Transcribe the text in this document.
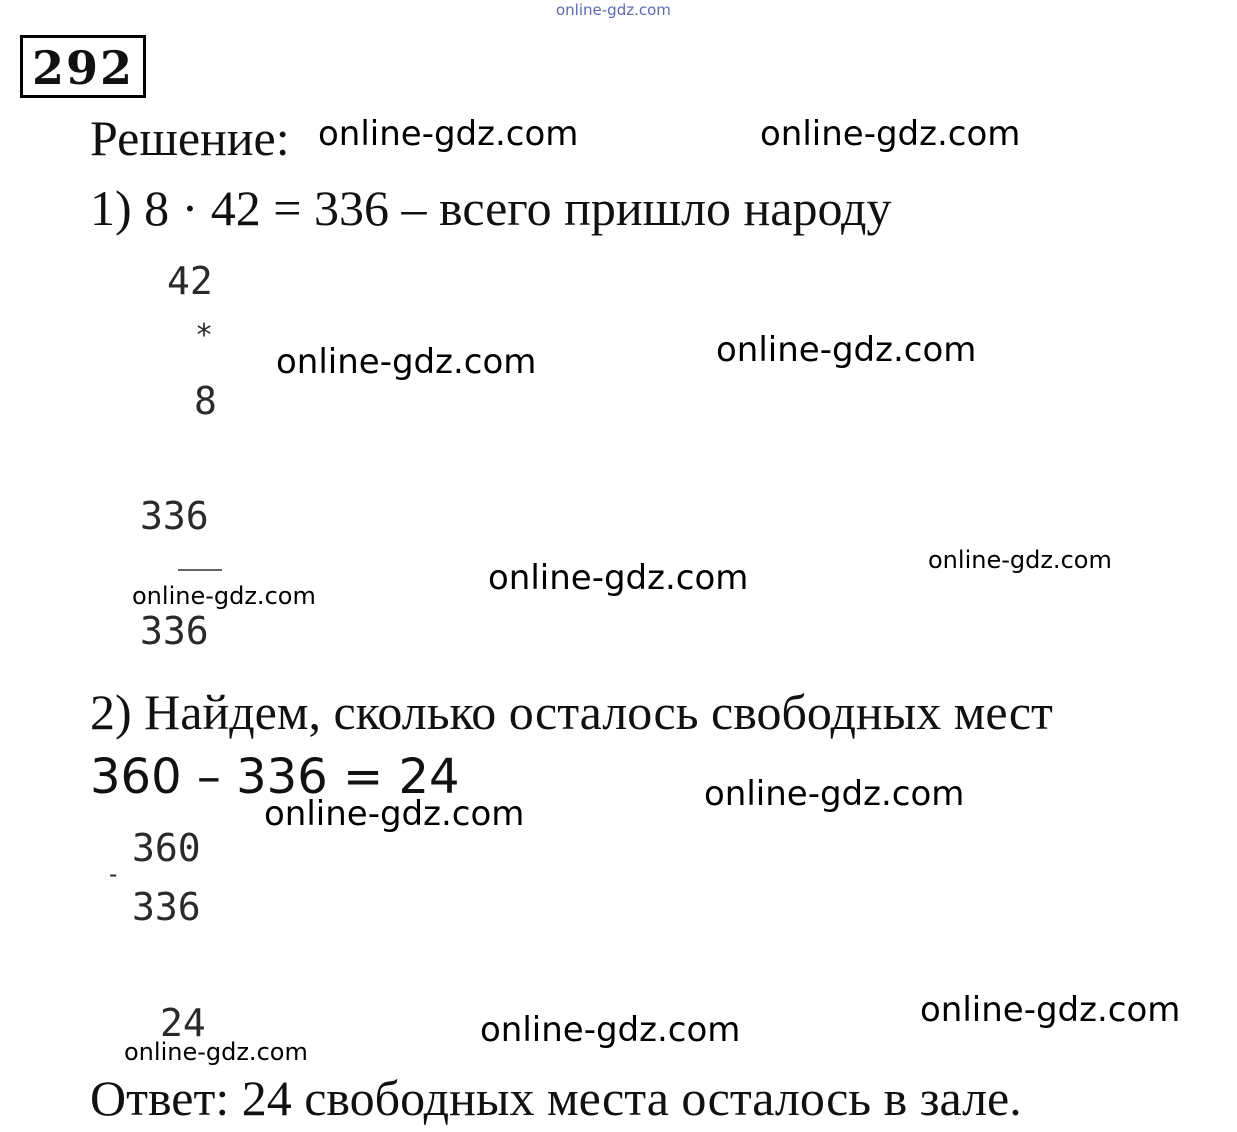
online-gdz.com
292
Решение:
1) 8 · 42 = 336 – всего пришло народу
42
*
8
336
336
2) Найдем, сколько осталось свободных мест
360 – 336 = 24
360
-
336
24
Ответ: 24 свободных места осталось в зале.
online-gdz.com	online-gdz.com
online-gdz.com	online-gdz.com
online-gdz.com	online-gdz.com
online-gdz.com
online-gdz.com
online-gdz.com
online-gdz.com
online-gdz.com
online-gdz.com
